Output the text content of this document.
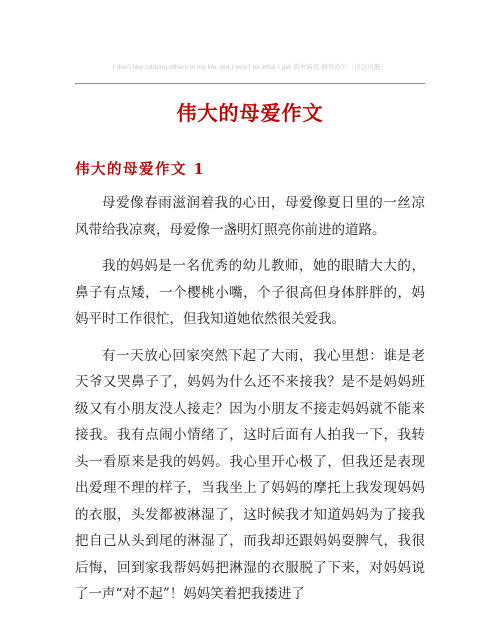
I don't like robbing others in my life, but I won't let what I get 简单易用 精华办公（可以可删）
伟大的母爱作文
伟大的母爱作文 1

母爱像春雨滋润着我的心田，母爱像夏日里的一丝凉风带给我凉爽，母爱像一盏明灯照亮你前进的道路。

我的妈妈是一名优秀的幼儿教师，她的眼睛大大的，鼻子有点矮，一个樱桃小嘴，个子很高但身体胖胖的，妈妈平时工作很忙，但我知道她依然很关爱我。

有一天放心回家突然下起了大雨，我心里想：谁是老天爷又哭鼻子了，妈妈为什么还不来接我？是不是妈妈班级又有小朋友没人接走？因为小朋友不接走妈妈就不能来接我。我有点闹小情绪了，这时后面有人拍我一下，我转头一看原来是我的妈妈。我心里开心极了，但我还是表现出爱理不理的样子，当我坐上了妈妈的摩托上我发现妈妈的衣服，头发都被淋湿了，这时候我才知道妈妈为了接我把自己从头到尾的淋湿了，而我却还跟妈妈耍脾气，我很后悔，回到家我帮妈妈把淋湿的衣服脱了下来，对妈妈说了一声“对不起”！妈妈笑着把我搂进了
